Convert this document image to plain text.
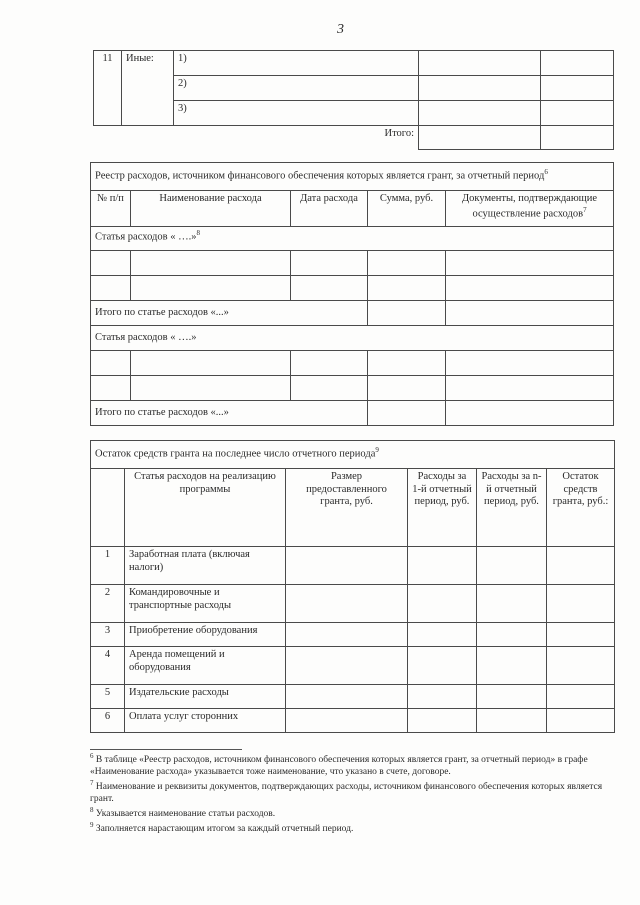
3
11	Иные:	1)		
		2)		
		3)		
Итого:				
Реестр расходов, источником финансового обеспечения которых является грант, за отчетный период$^6$
№ п/п	Наименование расхода	Дата расхода	Сумма, руб.	Документы, подтверждающие осуществление расходов$^7$
Статья расходов « ….»$^8$

Итого по статье расходов «...»				
Статья расходов « ….»				

Итого по статье расходов «...»				
Остаток средств гранта на последнее число отчетного периода$^9$
	Статья расходов на реализацию программы	Размер предоставленного гранта, руб.	Расходы за 1-й отчетный период, руб.	Расходы за n-й отчетный период, руб.	Остаток средств гранта, руб.:
1	Заработная плата (включая налоги)				
2	Командировочные и транспортные расходы				
3	Приобретение оборудования				
4	Аренда помещений и оборудования				
5	Издательские расходы				
6	Оплата услуг сторонних				

$^6$ В таблице «Реестр расходов, источником финансового обеспечения которых является грант, за отчетный период» в графе «Наименование расхода» указывается тоже наименование, что указано в счете, договоре.

$^7$ Наименование и реквизиты документов, подтверждающих расходы, источником финансового обеспечения которых является грант.

$^8$ Указывается наименование статьи расходов.

$^9$ Заполняется нарастающим итогом за каждый отчетный период.
